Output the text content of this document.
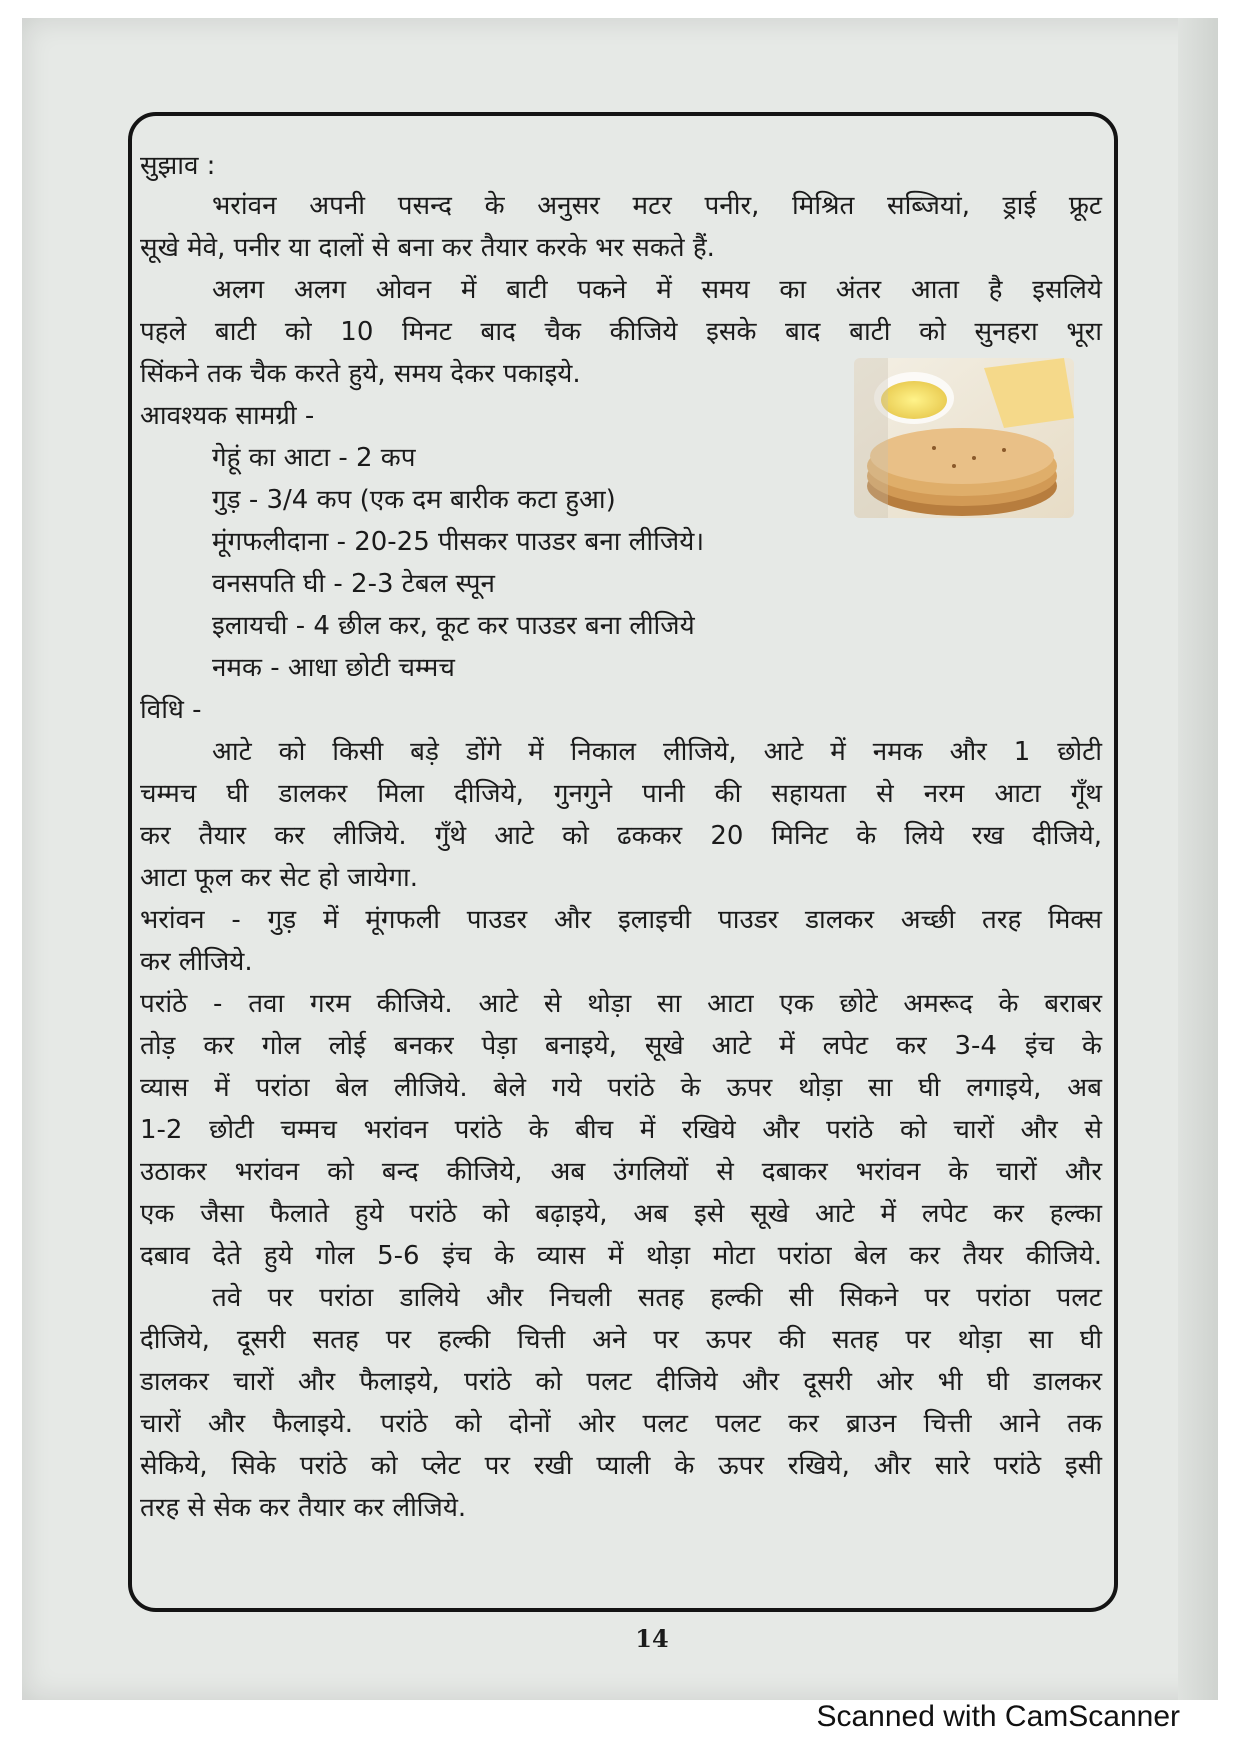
सुझाव :
भरांवन अपनी पसन्द के अनुसर मटर पनीर, मिश्रित सब्जियां, ड्राई फ्रूट
सूखे मेवे, पनीर या दालों से बना कर तैयार करके भर सकते हैं.
अलग अलग ओवन में बाटी पकने में समय का अंतर आता है इसलिये
पहले बाटी को 10 मिनट बाद चैक कीजिये इसके बाद बाटी को सुनहरा भूरा
सिंकने तक चैक करते हुये, समय देकर पकाइये.
आवश्यक सामग्री -
गेहूं का आटा - 2 कप
गुड़ - 3/4 कप (एक दम बारीक कटा हुआ)
मूंगफलीदाना - 20-25 पीसकर पाउडर बना लीजिये।
वनसपति घी - 2-3 टेबल स्पून
इलायची - 4 छील कर, कूट कर पाउडर बना लीजिये
नमक - आधा छोटी चम्मच
विधि -
आटे को किसी बड़े डोंगे में निकाल लीजिये, आटे में नमक और 1 छोटी
चम्मच घी डालकर मिला दीजिये, गुनगुने पानी की सहायता से नरम आटा गूँथ
कर तैयार कर लीजिये. गुँथे आटे को ढककर 20 मिनिट के लिये रख दीजिये,
आटा फूल कर सेट हो जायेगा.
भरांवन - गुड़ में मूंगफली पाउडर और इलाइची पाउडर डालकर अच्छी तरह मिक्स
कर लीजिये.
परांठे - तवा गरम कीजिये. आटे से थोड़ा सा आटा एक छोटे अमरूद के बराबर
तोड़ कर गोल लोई बनकर पेड़ा बनाइये, सूखे आटे में लपेट कर 3-4 इंच के
व्यास में परांठा बेल लीजिये. बेले गये परांठे के ऊपर थोड़ा सा घी लगाइये, अब
1-2 छोटी चम्मच भरांवन परांठे के बीच में रखिये और परांठे को चारों और से
उठाकर भरांवन को बन्द कीजिये, अब उंगलियों से दबाकर भरांवन के चारों और
एक जैसा फैलाते हुये परांठे को बढ़ाइये, अब इसे सूखे आटे में लपेट कर हल्का
दबाव देते हुये गोल 5-6 इंच के व्यास में थोड़ा मोटा परांठा बेल कर तैयर कीजिये.
तवे पर परांठा डालिये और निचली सतह हल्की सी सिकने पर परांठा पलट
दीजिये, दूसरी सतह पर हल्की चित्ती अने पर ऊपर की सतह पर थोड़ा सा घी
डालकर चारों और फैलाइये, परांठे को पलट दीजिये और दूसरी ओर भी घी डालकर
चारों और फैलाइये. परांठे को दोनों ओर पलट पलट कर ब्राउन चित्ती आने तक
सेकिये, सिके परांठे को प्लेट पर रखी प्याली के ऊपर रखिये, और सारे परांठे इसी
तरह से सेक कर तैयार कर लीजिये.
14
Scanned with CamScanner
